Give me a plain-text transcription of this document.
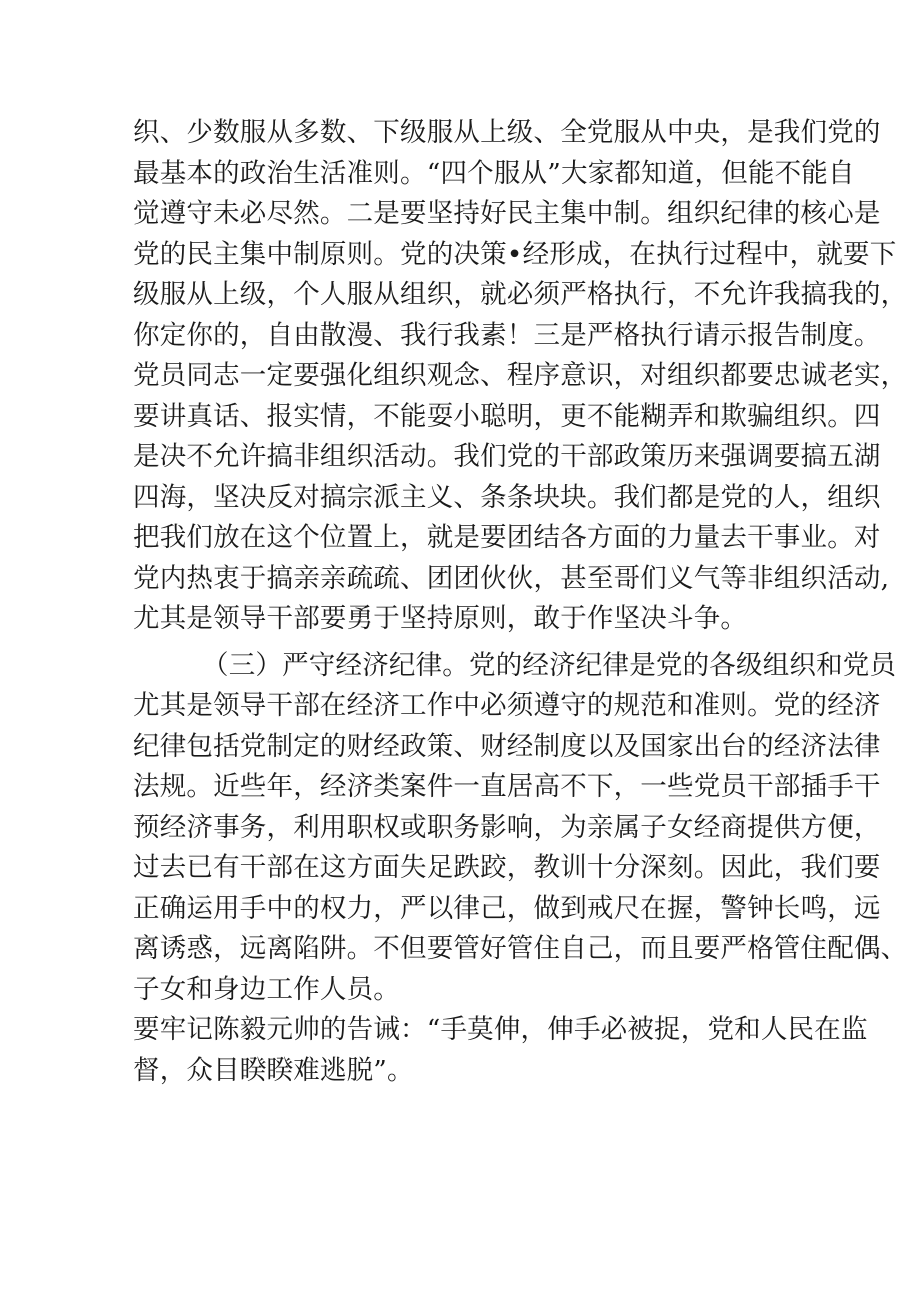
织、少数服从多数、下级服从上级、全党服从中央，是我们党的
最基本的政治生活准则。“四个服从”大家都知道，但能不能自
觉遵守未必尽然。二是要坚持好民主集中制。组织纪律的核心是
党的民主集中制原则。党的决策•经形成，在执行过程中，就要下
级服从上级，个人服从组织，就必须严格执行，不允许我搞我的，
你定你的，自由散漫、我行我素！三是严格执行请示报告制度。
党员同志一定要强化组织观念、程序意识，对组织都要忠诚老实，
要讲真话、报实情，不能耍小聪明，更不能糊弄和欺骗组织。四
是决不允许搞非组织活动。我们党的干部政策历来强调要搞五湖
四海，坚决反对搞宗派主义、条条块块。我们都是党的人，组织
把我们放在这个位置上，就是要团结各方面的力量去干事业。对
党内热衷于搞亲亲疏疏、团团伙伙，甚至哥们义气等非组织活动,
尤其是领导干部要勇于坚持原则，敢于作坚决斗争。
（三）严守经济纪律。党的经济纪律是党的各级组织和党员
尤其是领导干部在经济工作中必须遵守的规范和准则。党的经济
纪律包括党制定的财经政策、财经制度以及国家出台的经济法律
法规。近些年，经济类案件一直居高不下，一些党员干部插手干
预经济事务，利用职权或职务影响，为亲属子女经商提供方便，
过去已有干部在这方面失足跌跤，教训十分深刻。因此，我们要
正确运用手中的权力，严以律己，做到戒尺在握，警钟长鸣，远
离诱惑，远离陷阱。不但要管好管住自己，而且要严格管住配偶、
子女和身边工作人员。
要牢记陈毅元帅的告诫：“手莫伸，伸手必被捉，党和人民在监
督，众目睽睽难逃脱”。
